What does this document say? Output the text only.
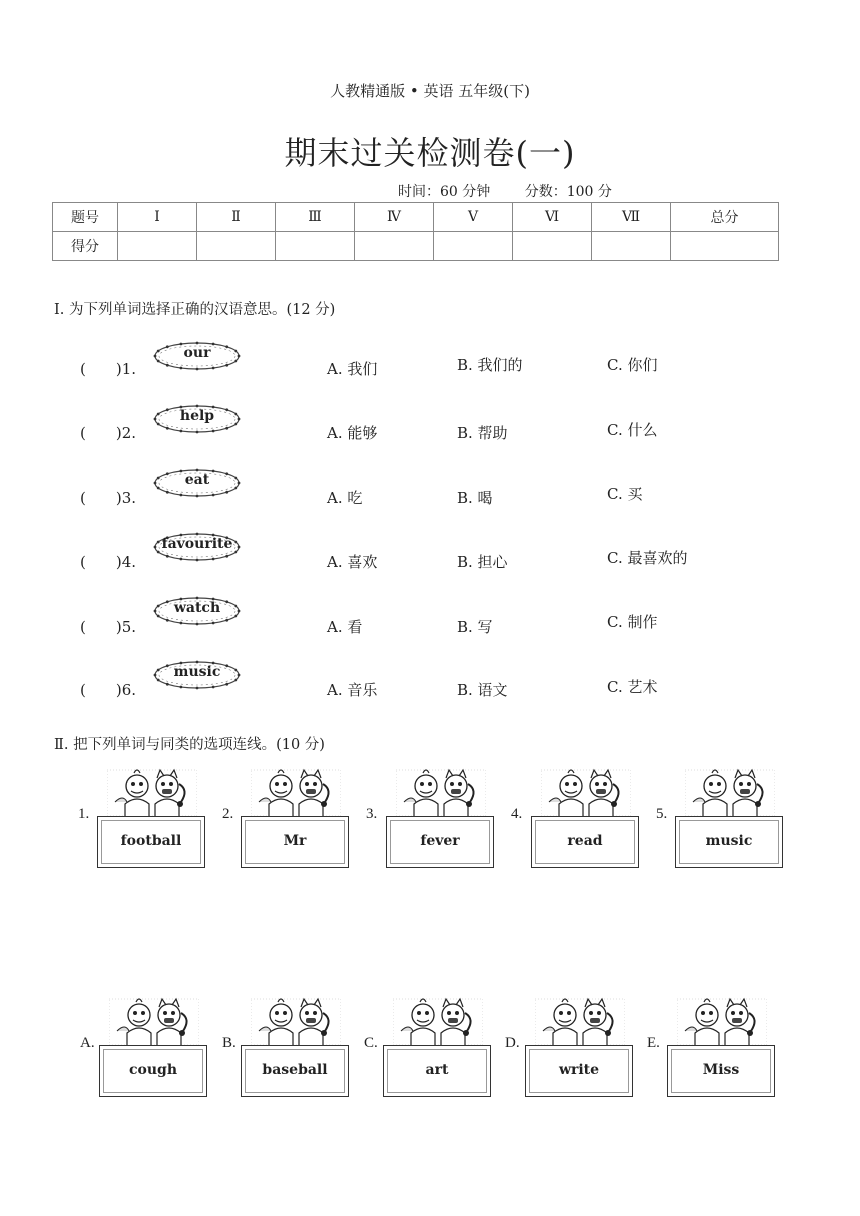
人教精通版 • 英语 五年级(下)
期末过关检测卷(一)
时间：60 分钟 分数：100 分
题号	Ⅰ	Ⅱ	Ⅲ	Ⅳ	Ⅴ	Ⅵ	Ⅶ	总分
得分								
Ⅰ. 为下列单词选择正确的汉语意思。(12 分)
(　　)1.
our
A. 我们	B. 我们的	C. 你们
(　　)2.
help
A. 能够	B. 帮助	C. 什么
(　　)3.
eat
A. 吃	B. 喝	C. 买
(　　)4.
favourite
A. 喜欢	B. 担心	C. 最喜欢的
(　　)5.
watch
A. 看	B. 写	C. 制作
(　　)6.
music
A. 音乐	B. 语文	C. 艺术
Ⅱ. 把下列单词与同类的选项连线。(10 分)
1.
football
2.
Mr
3.
fever
4.
read
5.
music
A.
cough
B.
baseball
C.
art
D.
write
E.
Miss
